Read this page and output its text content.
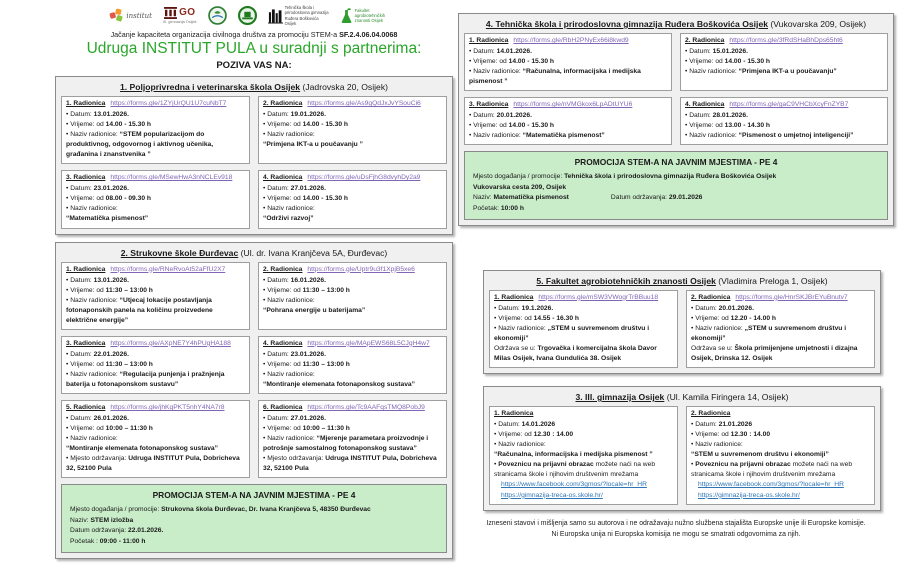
institut	GO
III. gimnazija Osijek
Tehnička škola i prirodoslovna gimnazija Ruđera Boškovića Osijek
Fakultet agrobiotehničkih znanosti Osijek
Jačanje kapaciteta organizacija civilnoga društva za promociju STEM-a SF.2.4.06.04.0068
Udruga INSTITUT PULA u suradnji s partnerima:
POZIVA VAS NA:
1. Poljoprivredna i veterinarska škola Osijek (Jadrovska 20, Osijek)
1. Radionica https://forms.gle/1ZYjUrQU1U7cuNbT7
• Datum: 13.01.2026.
• Vrijeme: od 14.00 - 15.30 h
• Naziv radionice: “STEM popularizacijom do produktivnog, odgovornog i aktivnog učenika, građanina i znanstvenika ”
2. Radionica https://forms.gle/As9gQdJxJvYSouCi6
• Datum: 19.01.2026.
• Vrijeme: od 14.00 - 15.30 h
• Naziv radionice:
“Primjena IKT-a u poučavanju ”
3. Radionica https://forms.gle/MSewHwA3nNCLEv918
• Datum: 23.01.2026.
• Vrijeme: od 08.00 - 09.30 h
• Naziv radionice:
“Matematička pismenost”
4. Radionica https://forms.gle/uDsFjhG8dvyhDy2a9
• Datum: 27.01.2026.
• Vrijeme: od 14.00 - 15.30 h
• Naziv radionice:
“Održivi razvoj”
2. Strukovne škole Đurđevac (Ul. dr. Ivana Kranjčeva 5A, Đurđevac)
1. Radionica https://forms.gle/RNeRvoAt52aFfU2X7
• Datum: 13.01.2026.
• Vrijeme: od 11:30 – 13:00 h
• Naziv radionice: “Utjecaj lokacije postavljanja fotonaponskih panela na količinu proizvedene električne energije”
2. Radionica https://forms.gle/Uptr9u3f1XpjB5xe6
• Datum: 16.01.2026.
• Vrijeme: od 11:30 – 13:00 h
• Naziv radionice:
“Pohrana energije u baterijama”
3. Radionica https://forms.gle/AXpNE7Y4hPUgHA188
• Datum: 22.01.2026.
• Vrijeme: od 11:30 – 13:00 h
• Naziv radionice: “Regulacija punjenja i pražnjenja baterija u fotonaponskom sustavu”
4. Radionica https://forms.gle/MApEWS68L5CJgH4w7
• Datum: 23.01.2026.
• Vrijeme: od 11:30 – 13:00 h
• Naziv radionice:
“Montiranje elemenata fotonaponskog sustava”
5. Radionica https://forms.gle/jhKgPKT5nhY4NA7r8
• Datum: 26.01.2026.
• Vrijeme: od 10:00 – 11:30 h
• Naziv radionice:
“Montiranje elemenata fotonaponskog sustava”
• Mjesto održavanja: Udruga INSTITUT Pula, Dobricheva 32, 52100 Pula
6. Radionica https://forms.gle/Tc9AAFqsTMQ8PobJ9
• Datum: 27.01.2026.
• Vrijeme: od 10:00 – 11:30 h
• Naziv radionice: “Mjerenje parametara proizvodnje i potrošnje samostalnog fotonaponskog sustava”
• Mjesto održavanja: Udruga INSTITUT Pula, Dobricheva 32, 52100 Pula
PROMOCIJA STEM-A NA JAVNIM MJESTIMA - PE 4
Mjesto događanja / promocije: Strukovna škola Đurđevac, Dr. Ivana Kranjčeva 5, 48350 Đurđevac
Naziv: STEM izložba
Datum održavanja: 22.01.2026.
Početak : 09:00 - 11:00 h
4. Tehnička škola i prirodoslovna gimnazija Ruđera Boškovića Osijek (Vukovarska 209, Osijek)
1. Radionica https://forms.gle/RbH2PNyEx66i8kwd9
• Datum: 14.01.2026.
• Vrijeme: od 14.00 - 15.30 h
• Naziv radionice: “Računalna, informacijska i medijska pismenost ”
2. Radionica https://forms.gle/3fRdSHaBhDps65ht6
• Datum: 15.01.2026.
• Vrijeme: od 14.00 - 15.30 h
• Naziv radionice: “Primjena IKT-a u poučavanju”
3. Radionica https://forms.gle/nVMGkox6LpADtUYU6
• Datum: 20.01.2026.
• Vrijeme: od 14.00 - 15.30 h
• Naziv radionice: “Matematička pismenost”
4. Radionica https://forms.gle/gaC9VHCbXcyFnZYB7
• Datum: 28.01.2026.
• Vrijeme: od 13.00 - 14.30 h
• Naziv radionice: “Pismenost o umjetnoj inteligenciji”
PROMOCIJA STEM-A NA JAVNIM MJESTIMA - PE 4
Mjesto događanja / promocije: Tehnička škola i prirodoslovna gimnazija Ruđera Boškovića Osijek
Vukovarska cesta 209, Osijek
Naziv: Matematička pismenost	Datum održavanja: 29.01.2026
Početak: 10:00 h
5. Fakultet agrobiotehničkih znanosti Osijek (Vladimira Preloga 1, Osijek)
1. Radionica https://forms.gle/mSW3VWogrTrBBuu18
• Datum: 19.1.2026.
• Vrijeme: od 14.55 - 16.30 h
• Naziv radionice: „STEM u suvremenom društvu i ekonomiji”
Održava se u: Trgovačka i komercijalna škola Davor Milas Osijek, Ivana Gundulića 38. Osijek
2. Radionica https://forms.gle/HnrSKJBrEYuBnutv7
• Datum: 20.01.2026.
• Vrijeme: od 12.20 - 14.00 h
• Naziv radionice: „STEM u suvremenom društvu i ekonomiji”
Održava se u: Škola primijenjene umjetnosti i dizajna Osijek, Drinska 12. Osijek
3. III. gimnazija Osijek (Ul. Kamila Firingera 14, Osijek)
1. Radionica
• Datum: 14.01.2026
• Vrijeme: od 12.30 : 14.00
• Naziv radionice:
“Računalna, informacijska i medijska pismenost ”
• Poveznicu na prijavni obrazac možete naći na web stranicama škole i njihovim društvenim mrežama
https://www.facebook.com/3gmos/?locale=hr_HR
https://gimnazija-treca-os.skole.hr/
2. Radionica
• Datum: 21.01.2026
• Vrijeme: od 12.30 : 14.00
• Naziv radionice:
“STEM u suvremenom društvu i ekonomiji”
• Poveznicu na prijavni obrazac možete naći na web stranicama škole i njihovim društvenim mrežama
https://www.facebook.com/3gmos/?locale=hr_HR
https://gimnazija-treca-os.skole.hr/
Izneseni stavovi i mišljenja samo su autorova i ne odražavaju nužno službena stajališta Europske unije ili Europske komisije.
Ni Europska unija ni Europska komisija ne mogu se smatrati odgovornima za njih.
